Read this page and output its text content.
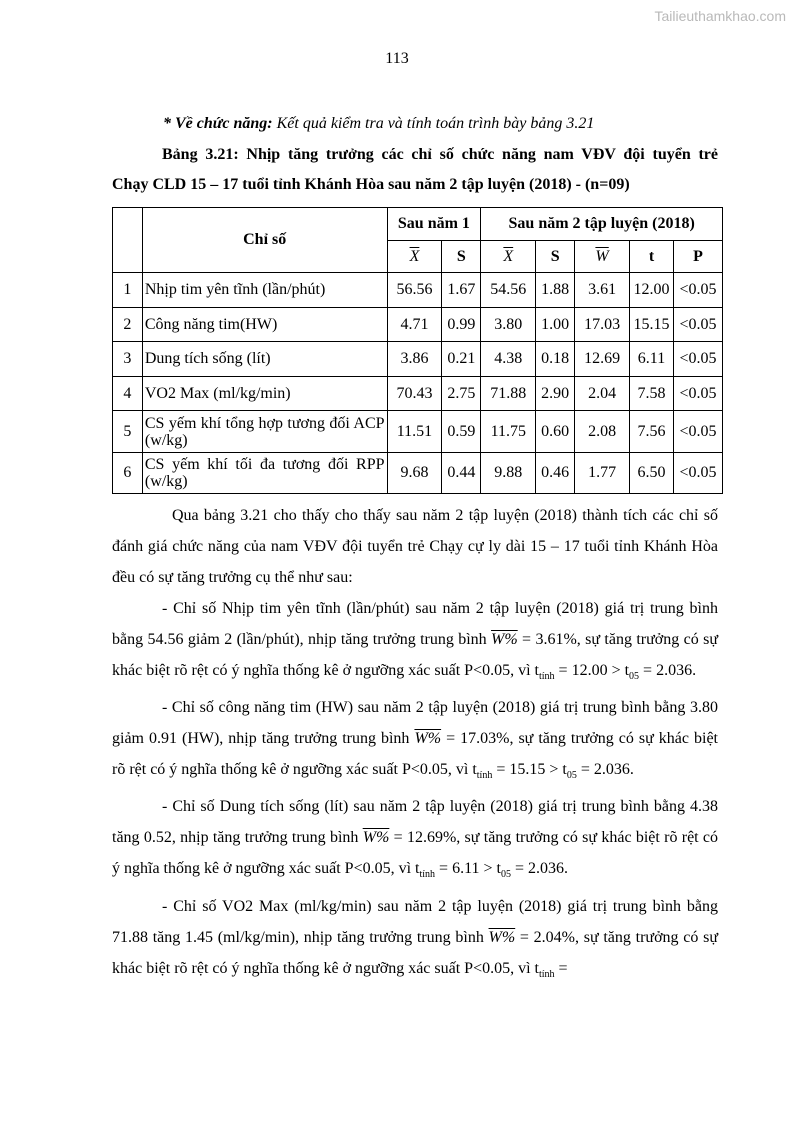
Tailieuthamkhao.com
113
* Về chức năng: Kết quả kiểm tra và tính toán trình bày bảng 3.21
Bảng 3.21: Nhịp tăng trưởng các chỉ số chức năng nam VĐV đội tuyển trẻ
Chạy CLD 15 – 17 tuổi tỉnh Khánh Hòa sau năm 2 tập luyện (2018) - (n=09)
	Chỉ số	Sau năm 1		Sau năm 2 tập luyện (2018)				
		$\overline{X}$	S	$\overline{X}$	S	$\overline{W}$	t	P
1	Nhịp tim yên tĩnh (lần/phút)	56.56	1.67	54.56	1.88	3.61	12.00	<0.05
2	Công năng tim(HW)	4.71	0.99	3.80	1.00	17.03	15.15	<0.05
3	Dung tích sống (lít)	3.86	0.21	4.38	0.18	12.69	6.11	<0.05
4	VO2 Max (ml/kg/min)	70.43	2.75	71.88	2.90	2.04	7.58	<0.05
5	CS yếm khí tổng hợp tương đối ACP (w/kg)	11.51	0.59	11.75	0.60	2.08	7.56	<0.05
6	CS yếm khí tối đa tương đối RPP (w/kg)	9.68	0.44	9.88	0.46	1.77	6.50	<0.05

Qua bảng 3.21 cho thấy cho thấy sau năm 2 tập luyện (2018) thành tích các chỉ số đánh giá chức năng của nam VĐV đội tuyển trẻ Chạy cự ly dài 15 – 17 tuổi tỉnh Khánh Hòa đều có sự tăng trưởng cụ thể như sau:

- Chỉ số Nhịp tim yên tĩnh (lần/phút) sau năm 2 tập luyện (2018) giá trị trung bình bằng 54.56 giảm 2 (lần/phút), nhịp tăng trưởng trung bình W% = 3.61%, sự tăng trưởng có sự khác biệt rõ rệt có ý nghĩa thống kê ở ngưỡng xác suất P<0.05, vì $t_{tính} = 12.00 > t_{05} = 2.036$.

- Chỉ số công năng tim (HW) sau năm 2 tập luyện (2018) giá trị trung bình bằng 3.80 giảm 0.91 (HW), nhịp tăng trưởng trung bình W% = 17.03%, sự tăng trưởng có sự khác biệt rõ rệt có ý nghĩa thống kê ở ngưỡng xác suất P<0.05, vì $t_{tính} = 15.15 > t_{05} = 2.036$.

- Chỉ số Dung tích sống (lít) sau năm 2 tập luyện (2018) giá trị trung bình bằng 4.38 tăng 0.52, nhịp tăng trưởng trung bình W% = 12.69%, sự tăng trưởng có sự khác biệt rõ rệt có ý nghĩa thống kê ở ngưỡng xác suất P<0.05, vì $t_{tính} = 6.11 > t_{05} = 2.036$.

- Chỉ số VO2 Max (ml/kg/min) sau năm 2 tập luyện (2018) giá trị trung bình bằng 71.88 tăng 1.45 (ml/kg/min), nhịp tăng trưởng trung bình W% = 2.04%, sự tăng trưởng có sự khác biệt rõ rệt có ý nghĩa thống kê ở ngưỡng xác suất P<0.05, vì $t_{tính}$ =
